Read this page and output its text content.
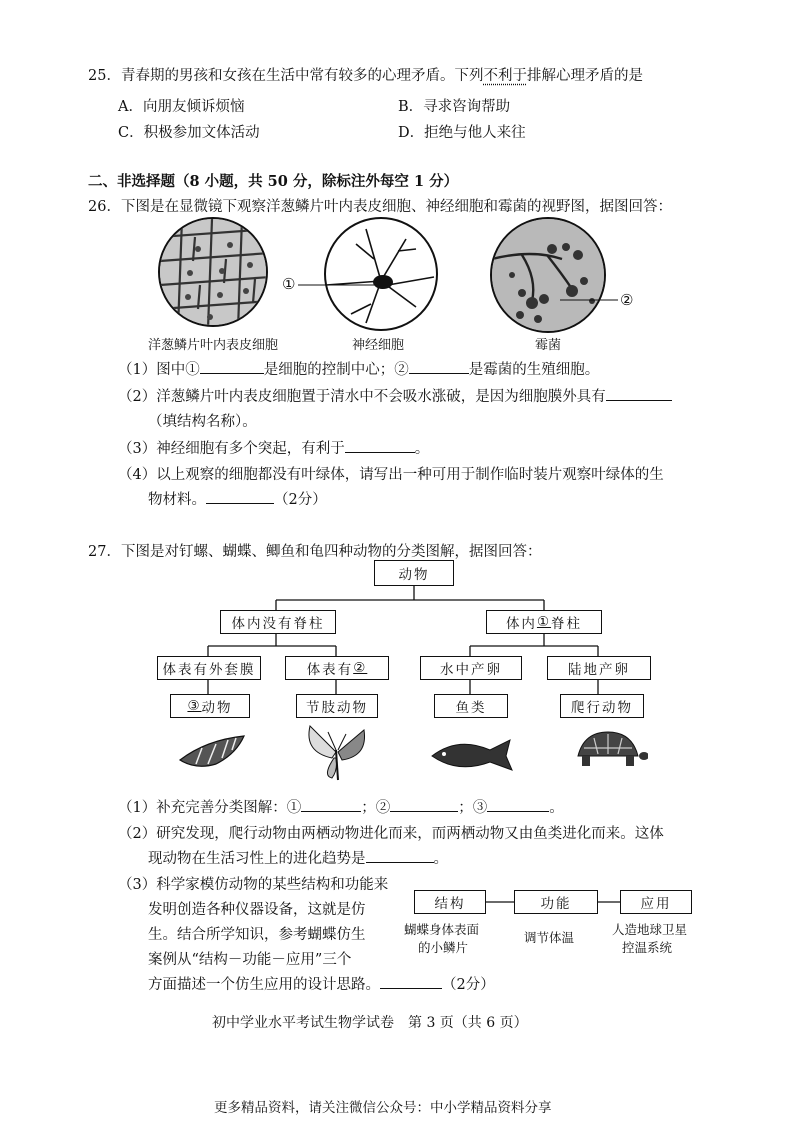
25．青春期的男孩和女孩在生活中常有较多的心理矛盾。下列不利于排解心理矛盾的是
A．向朋友倾诉烦恼	B．寻求咨询帮助
C．积极参加文体活动	D．拒绝与他人来往
二、非选择题（8 小题，共 50 分，除标注外每空 1 分）
26．下图是在显微镜下观察洋葱鳞片叶内表皮细胞、神经细胞和霉菌的视野图，据图回答：
①
②
洋葱鳞片叶内表皮细胞	神经细胞	霉菌
（1）图中①	是细胞的控制中心；②	是霉菌的生殖细胞。
（2）洋葱鳞片叶内表皮细胞置于清水中不会吸水涨破，是因为细胞膜外具有
（填结构名称）。
（3）神经细胞有多个突起，有利于	。
（4）以上观察的细胞都没有叶绿体，请写出一种可用于制作临时装片观察叶绿体的生
物材料。	（2分）
27．下图是对钉螺、蝴蝶、鲫鱼和龟四种动物的分类图解，据图回答：
动物
体内没有脊柱	体内 ① 脊柱
体表有外套膜	体表有 ②	水中产卵	陆地产卵
③ 动物	节肢动物	鱼类	爬行动物
（1）补充完善分类图解：①	；②	；③	。
（2）研究发现，爬行动物由两栖动物进化而来，而两栖动物又由鱼类进化而来。这体
现动物在生活习性上的进化趋势是	。
（3）科学家模仿动物的某些结构和功能来
发明创造各种仪器设备，这就是仿
生。结合所学知识，参考蝴蝶仿生
案例从“结构－功能－应用”三个
方面描述一个仿生应用的设计思路。	（2分）
结构	功能	应用
蝴蝶身体表面
的小鳞片
调节体温
人造地球卫星
控温系统
初中学业水平考试生物学试卷　第 3 页（共 6 页）
更多精品资料，请关注微信公众号：中小学精品资料分享
